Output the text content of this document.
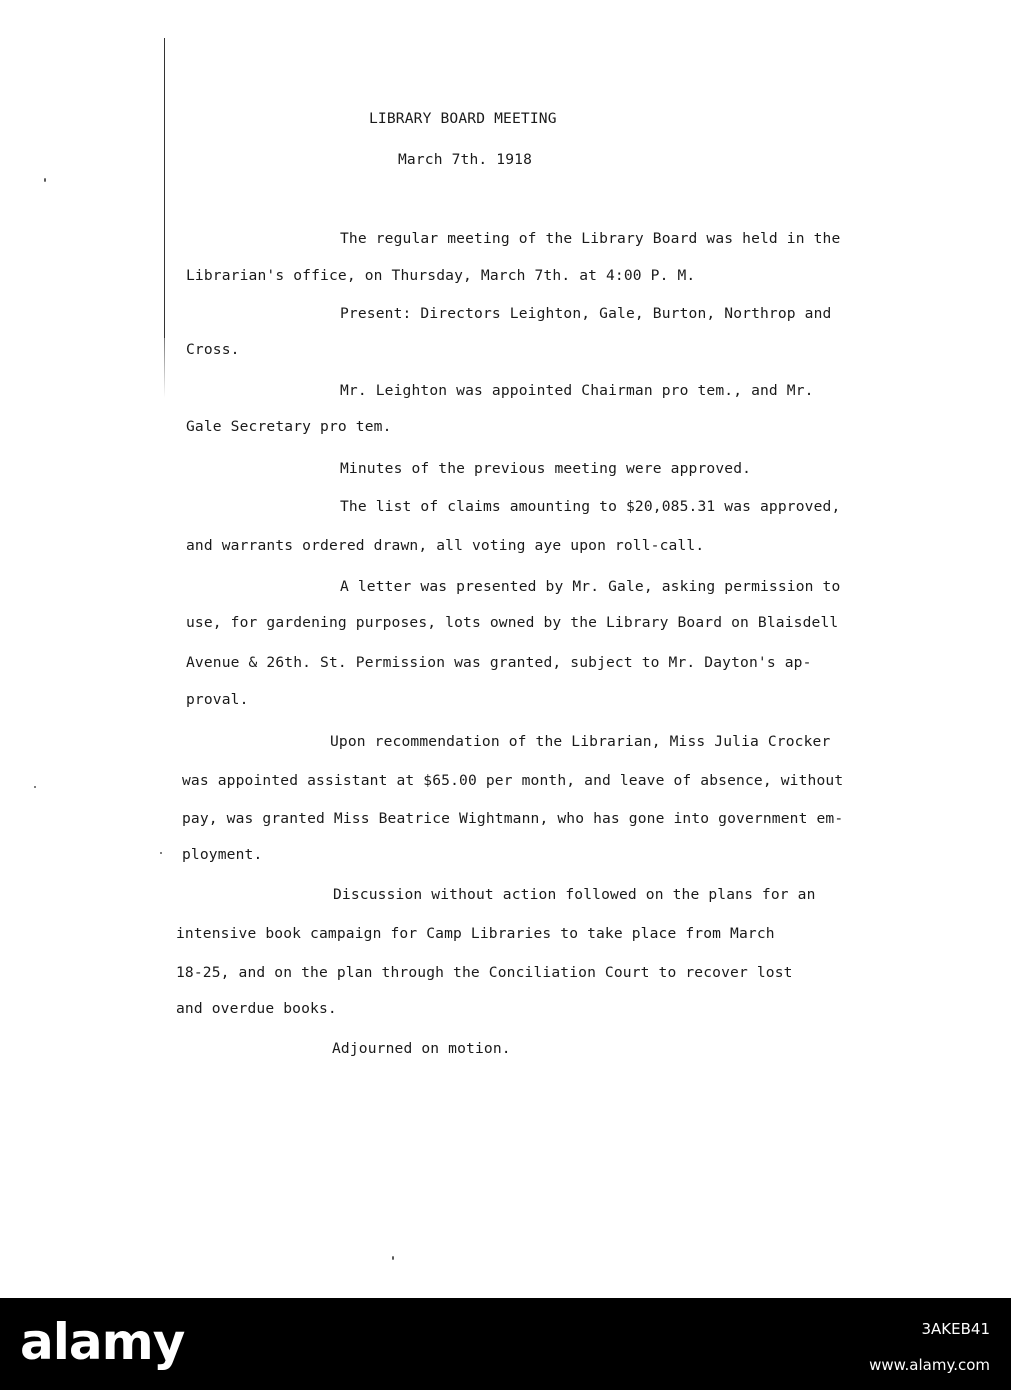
LIBRARY BOARD MEETING
March 7th. 1918
The regular meeting of the Library Board was held in the
Librarian's office, on Thursday, March 7th. at 4:00 P. M.
Present: Directors Leighton, Gale, Burton, Northrop and
Cross.
Mr. Leighton was appointed Chairman pro tem., and Mr.
Gale Secretary pro tem.
Minutes of the previous meeting were approved.
The list of claims amounting to $20,085.31 was approved,
and warrants ordered drawn, all voting aye upon roll-call.
A letter was presented by Mr. Gale, asking permission to
use, for gardening purposes, lots owned by the Library Board on Blaisdell
Avenue & 26th. St. Permission was granted, subject to Mr. Dayton's ap-
proval.
Upon recommendation of the Librarian, Miss Julia Crocker
was appointed assistant at $65.00 per month, and leave of absence, without
pay, was granted Miss Beatrice Wightmann, who has gone into government em-
ployment.
Discussion without action followed on the plans for an
intensive book campaign for Camp Libraries to take place from March
18-25, and on the plan through the Conciliation Court to recover lost
and overdue books.
Adjourned on motion.
alamy	3AKEB41
www.alamy.com
